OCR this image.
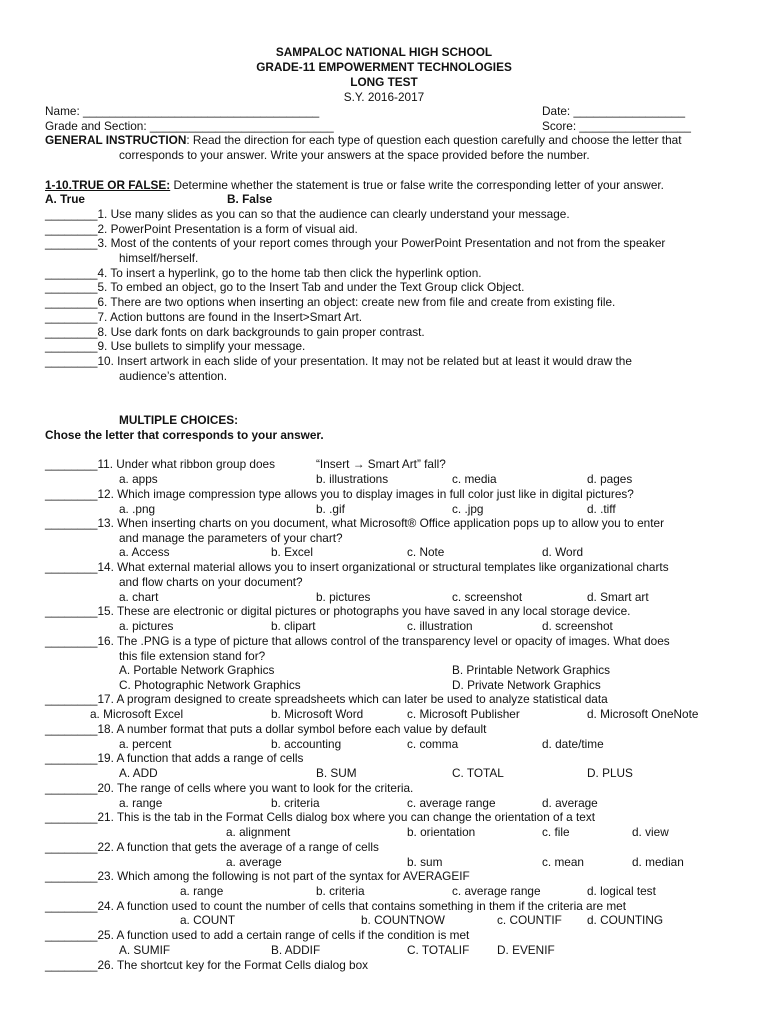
SAMPALOC NATIONAL HIGH SCHOOL
GRADE-11 EMPOWERMENT TECHNOLOGIES
LONG TEST
S.Y. 2016-2017
Name: ____________________________________	Date: _________________
Grade and Section: ____________________________	Score: _________________
GENERAL INSTRUCTION: Read the direction for each type of question each question carefully and choose the letter that
corresponds to your answer. Write your answers at the space provided before the number.
1-10.TRUE OR FALSE: Determine whether the statement is true or false write the corresponding letter of your answer.
A. True	B. False
________1. Use many slides as you can so that the audience can clearly understand your message.
________2. PowerPoint Presentation is a form of visual aid.
________3. Most of the contents of your report comes through your PowerPoint Presentation and not from the speaker
himself/herself.
________4. To insert a hyperlink, go to the home tab then click the hyperlink option.
________5. To embed an object, go to the Insert Tab and under the Text Group click Object.
________6. There are two options when inserting an object: create new from file and create from existing file.
________7. Action buttons are found in the Insert>Smart Art.
________8. Use dark fonts on dark backgrounds to gain proper contrast.
________9. Use bullets to simplify your message.
________10. Insert artwork in each slide of your presentation. It may not be related but at least it would draw the
audience’s attention.
MULTIPLE CHOICES:
Chose the letter that corresponds to your answer.
________11. Under what ribbon group does	“Insert → Smart Art” fall?
a. apps	b. illustrations	c. media	d. pages
________12. Which image compression type allows you to display images in full color just like in digital pictures?
a. .png	b. .gif	c. .jpg	d. .tiff
________13. When inserting charts on you document, what Microsoft® Office application pops up to allow you to enter
and manage the parameters of your chart?
a. Access	b. Excel	c. Note	d. Word
________14. What external material allows you to insert organizational or structural templates like organizational charts
and flow charts on your document?
a. chart	b. pictures	c. screenshot	d. Smart art
________15. These are electronic or digital pictures or photographs you have saved in any local storage device.
a. pictures	b. clipart	c. illustration	d. screenshot
________16. The .PNG is a type of picture that allows control of the transparency level or opacity of images. What does
this file extension stand for?
A. Portable Network Graphics	B. Printable Network Graphics
C. Photographic Network Graphics	D. Private Network Graphics
________17. A program designed to create spreadsheets which can later be used to analyze statistical data
a. Microsoft Excel	b. Microsoft Word	c. Microsoft Publisher	d. Microsoft OneNote
________18. A number format that puts a dollar symbol before each value by default
a. percent	b. accounting	c. comma	d. date/time
________19. A function that adds a range of cells
A. ADD	B. SUM	C. TOTAL	D. PLUS
________20. The range of cells where you want to look for the criteria.
a. range	b. criteria	c. average range	d. average
________21. This is the tab in the Format Cells dialog box where you can change the orientation of a text
a. alignment	b. orientation	c. file	d. view
________22. A function that gets the average of a range of cells
a. average	b. sum	c. mean	d. median
________23. Which among the following is not part of the syntax for AVERAGEIF
a. range	b. criteria	c. average range	d. logical test
________24. A function used to count the number of cells that contains something in them if the criteria are met
a. COUNT	b. COUNTNOW	c. COUNTIF d. COUNTING
________25. A function used to add a certain range of cells if the condition is met
A. SUMIF	B. ADDIF	C. TOTALIF D. EVENIF
________26. The shortcut key for the Format Cells dialog box
